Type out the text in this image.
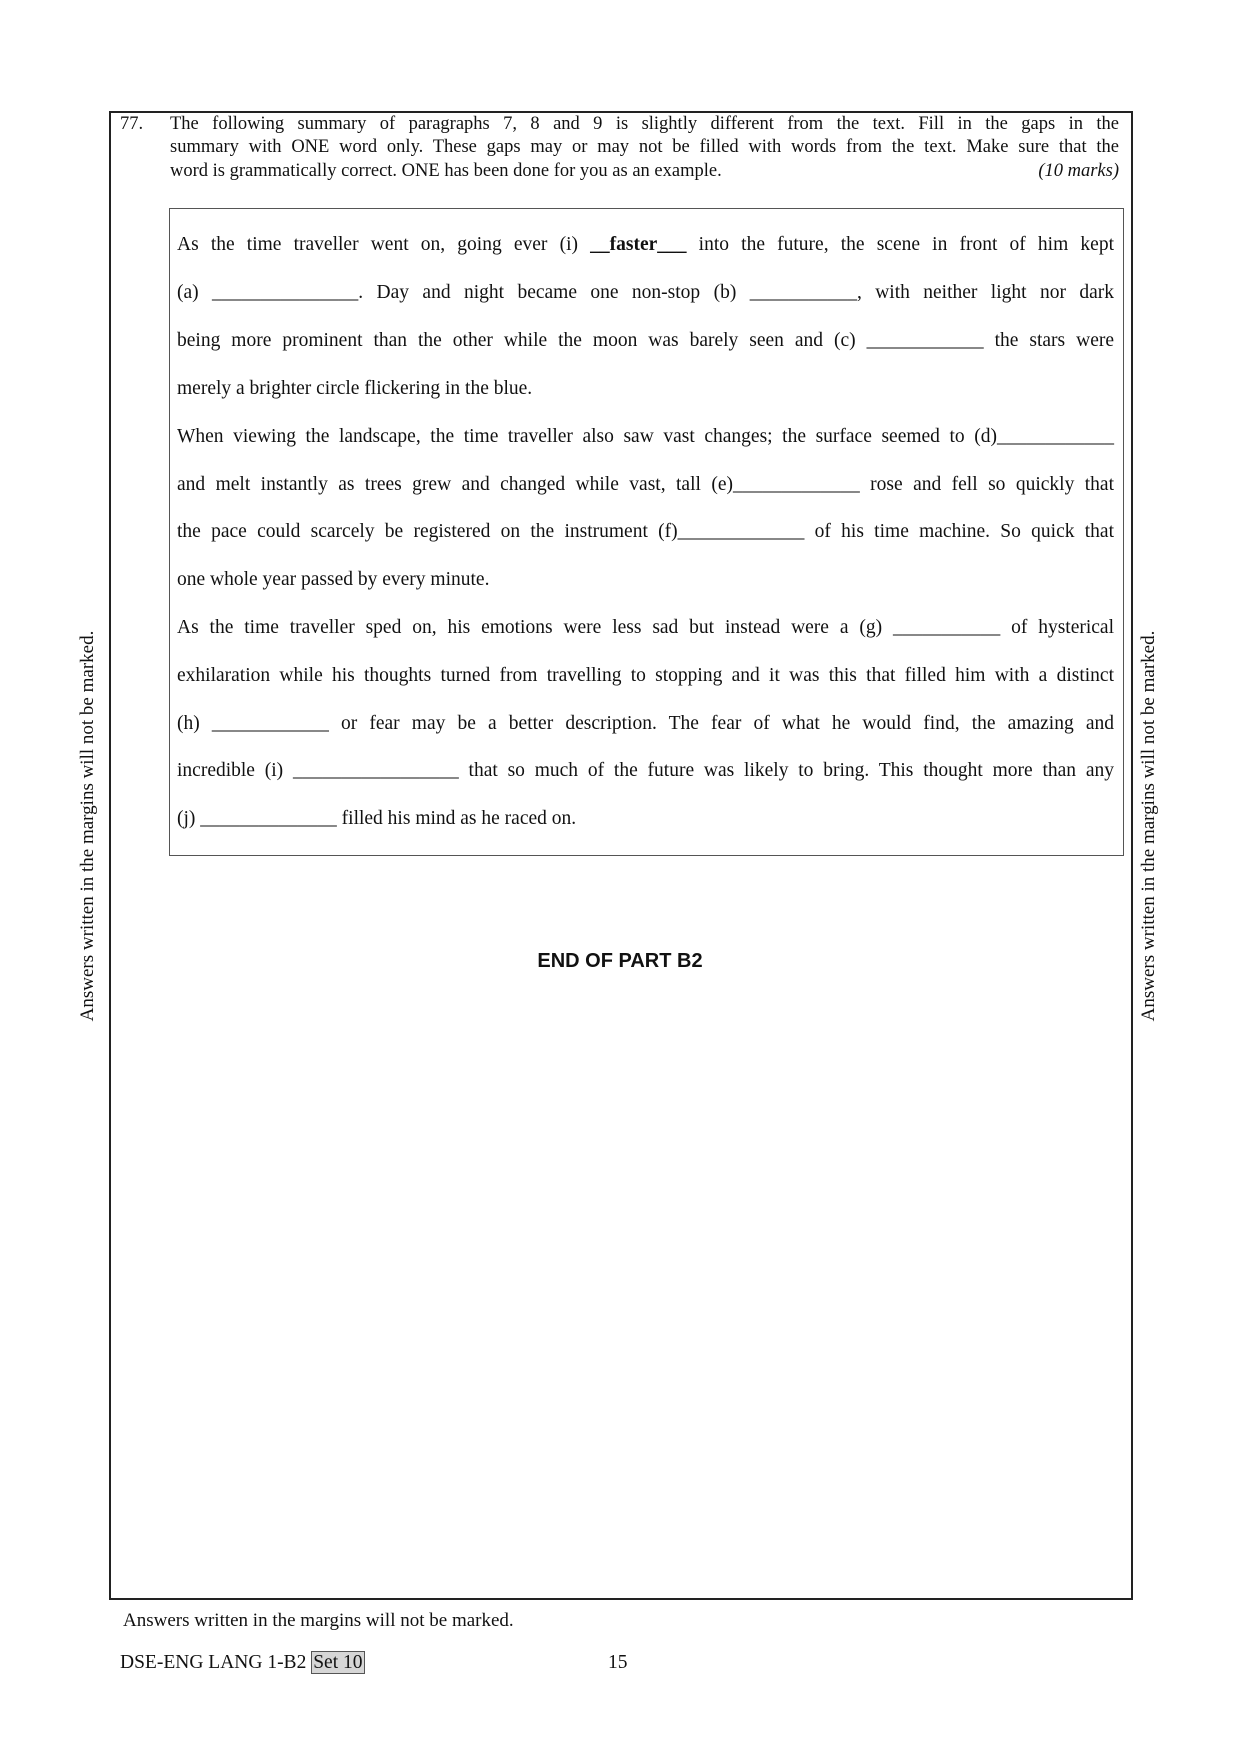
77. The following summary of paragraphs 7, 8 and 9 is slightly different from the text. Fill in the gaps in the
summary with ONE word only. These gaps may or may not be filled with words from the text. Make sure that the
word is grammatically correct. ONE has been done for you as an example.	(10 marks)
As the time traveller went on, going ever (i) __faster___ into the future, the scene in front of him kept
(a) _______________. Day and night became one non-stop (b) ___________, with neither light nor dark
being more prominent than the other while the moon was barely seen and (c) ____________ the stars were
merely a brighter circle flickering in the blue.
When viewing the landscape, the time traveller also saw vast changes; the surface seemed to (d)____________
and melt instantly as trees grew and changed while vast, tall (e)_____________ rose and fell so quickly that
the pace could scarcely be registered on the instrument (f)_____________ of his time machine. So quick that
one whole year passed by every minute.
As the time traveller sped on, his emotions were less sad but instead were a (g) ___________ of hysterical
exhilaration while his thoughts turned from travelling to stopping and it was this that filled him with a distinct
(h) ____________ or fear may be a better description. The fear of what he would find, the amazing and
incredible (i) _________________ that so much of the future was likely to bring. This thought more than any
(j) ______________ filled his mind as he raced on.
END OF PART B2
Answers written in the margins will not be marked.	Answers written in the margins will not be marked.
Answers written in the margins will not be marked.
DSE-ENG LANG 1-B2 Set 10	15
